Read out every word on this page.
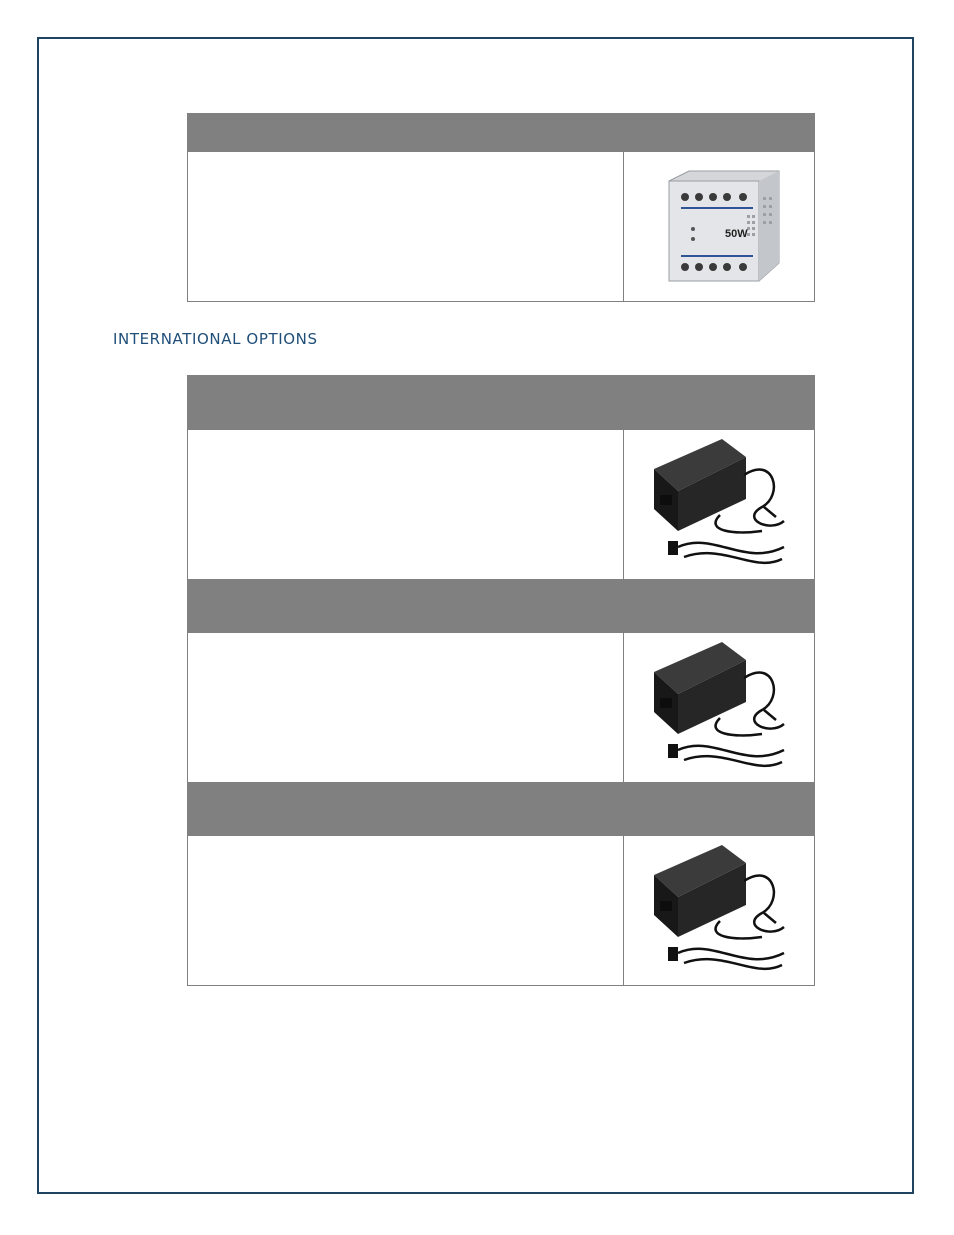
50W
INTERNATIONAL OPTIONS
